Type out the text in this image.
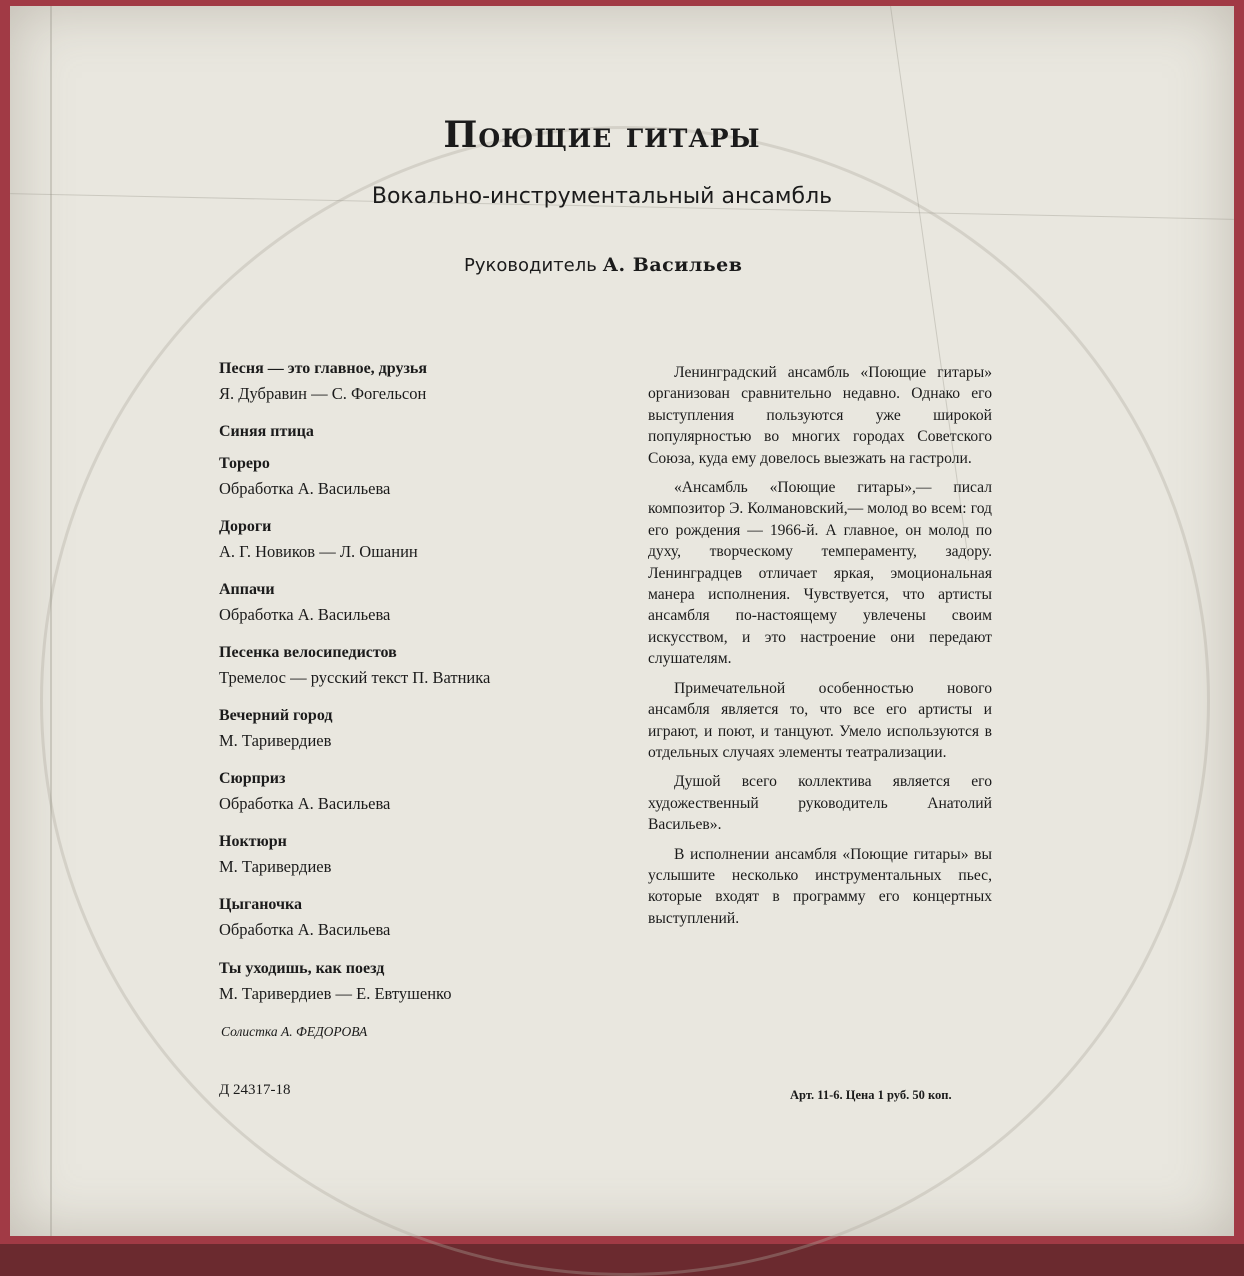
Поющие гитары
Вокально-инструментальный ансамбль
Руководитель А. Васильев
Песня — это главное, друзья
Я. Дубравин — С. Фогельсон
Синяя птица
Тореро
Обработка А. Васильева
Дороги
А. Г. Новиков — Л. Ошанин
Аппачи
Обработка А. Васильева
Песенка велосипедистов
Тремелос — русский текст П. Ватника
Вечерний город
М. Таривердиев
Сюрприз
Обработка А. Васильева
Ноктюрн
М. Таривердиев
Цыганочка
Обработка А. Васильева
Ты уходишь, как поезд
М. Таривердиев — Е. Евтушенко
Солистка А. ФЕДОРОВА
Д 24317-18	Арт. 11-6. Цена 1 руб. 50 коп.

Ленинградский ансамбль «Поющие гитары» организован сравнительно недавно. Однако его выступления пользуются уже широкой популярностью во многих городах Советского Союза, куда ему довелось выезжать на гастроли.

«Ансамбль «Поющие гитары»,— писал композитор Э. Колмановский,— молод во всем: год его рождения — 1966-й. А главное, он молод по духу, творческому темпераменту, задору. Ленинградцев отличает яркая, эмоциональная манера исполнения. Чувствуется, что артисты ансамбля по-настоящему увлечены своим искусством, и это настроение они передают слушателям.

Примечательной особенностью нового ансамбля является то, что все его артисты и играют, и поют, и танцуют. Умело используются в отдельных случаях элементы театрализации.

Душой всего коллектива является его художественный руководитель Анатолий Васильев».

В исполнении ансамбля «Поющие гитары» вы услышите несколько инструментальных пьес, которые входят в программу его концертных выступлений.
